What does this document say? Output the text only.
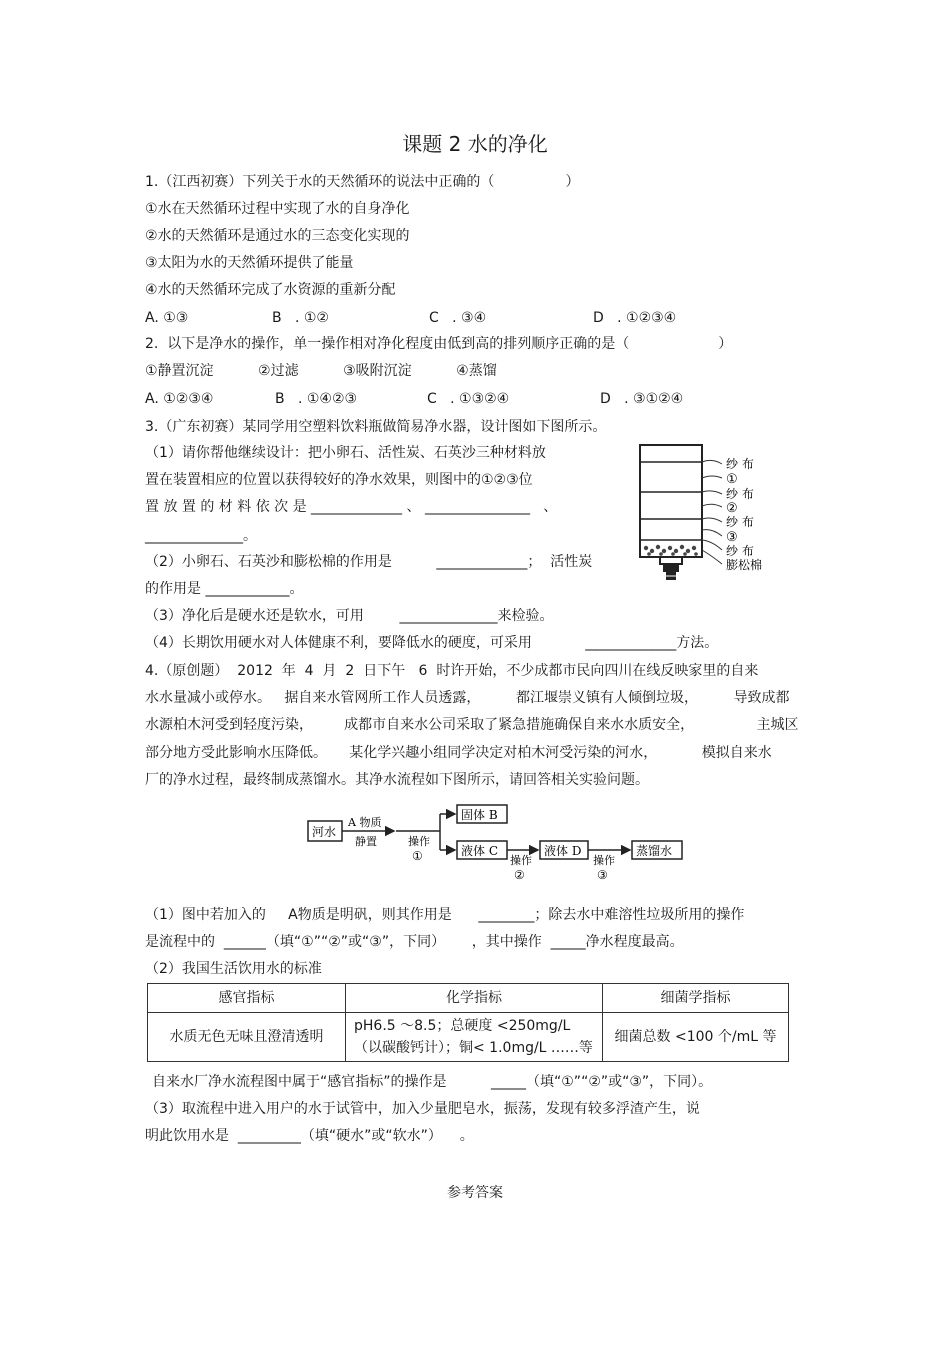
课题 2 水的净化
1.（江西初赛）下列关于水的天然循环的说法中正确的（                ）
①水在天然循环过程中实现了水的自身净化
②水的天然循环是通过水的三态变化实现的
③太阳为水的天然循环提供了能量
④水的天然循环完成了水资源的重新分配
A. ①③	B   . ①②	C   . ③④	D   . ①②③④
2.  以下是净水的操作，单一操作相对净化程度由低到高的排列顺序正确的是（                    ）
①静置沉淀          ②过滤          ③吸附沉淀          ④蒸馏
A. ①②③④	B   . ①④②③	C   . ①③②④	D   . ③①②④
3.（广东初赛）某同学用空塑料饮料瓶做简易净水器，设计图如下图所示。
（1）请你帮他继续设计：把小卵石、活性炭、石英沙三种材料放
置在装置相应的位置以获得较好的净水效果，则图中的①②③位
置 放 置 的 材 料 依 次 是 _____________ 、 _______________   、
______________。
（2）小卵石、石英沙和膨松棉的作用是          _____________；  活性炭
的作用是 ____________。
（3）净化后是硬水还是软水，可用        ______________来检验。
（4）长期饮用硬水对人体健康不利，要降低水的硬度，可采用            _____________方法。
纱 布
①
纱 布
②
纱 布
③
纱 布
膨松棉
4.（原创题）  2012  年  4  月  2  日下午   6  时许开始，不少成都市民向四川在线反映家里的自来
水水量减小或停水。   据自来水管网所工作人员透露，        都江堰崇义镇有人倾倒垃圾，        导致成都
水源柏木河受到轻度污染，       成都市自来水公司采取了紧急措施确保自来水水质安全，              主城区
部分地方受此影响水压降低。     某化学兴趣小组同学决定对柏木河受污染的河水，          模拟自来水
厂的净水过程，最终制成蒸馏水。其净水流程如下图所示，请回答相关实验问题。
河水
A 物质
静置	操作
①
固体 B
液体 C
操作
②
液体 D
操作
③
蒸馏水
（1）图中若加入的     A物质是明矾，则其作用是      ________；除去水中难溶性垃圾所用的操作
是流程中的  ______（填“①”“②”或“③”，下同）      ，其中操作  _____净水程度最高。
（2）我国生活饮用水的标准
感官指标	化学指标	细菌学指标
水质无色无味且澄清透明	pH6.5 ～8.5；总硬度 <250mg/L（以碳酸钙计）；铜< 1.0mg/L ……等	细菌总数 <100 个/mL 等
自来水厂净水流程图中属于“感官指标”的操作是          _____（填“①”“②”或“③”，下同）。
（3）取流程中进入用户的水于试管中，加入少量肥皂水，振荡，发现有较多浮渣产生，说
明此饮用水是  _________（填“硬水”或“软水”）    。
参考答案
